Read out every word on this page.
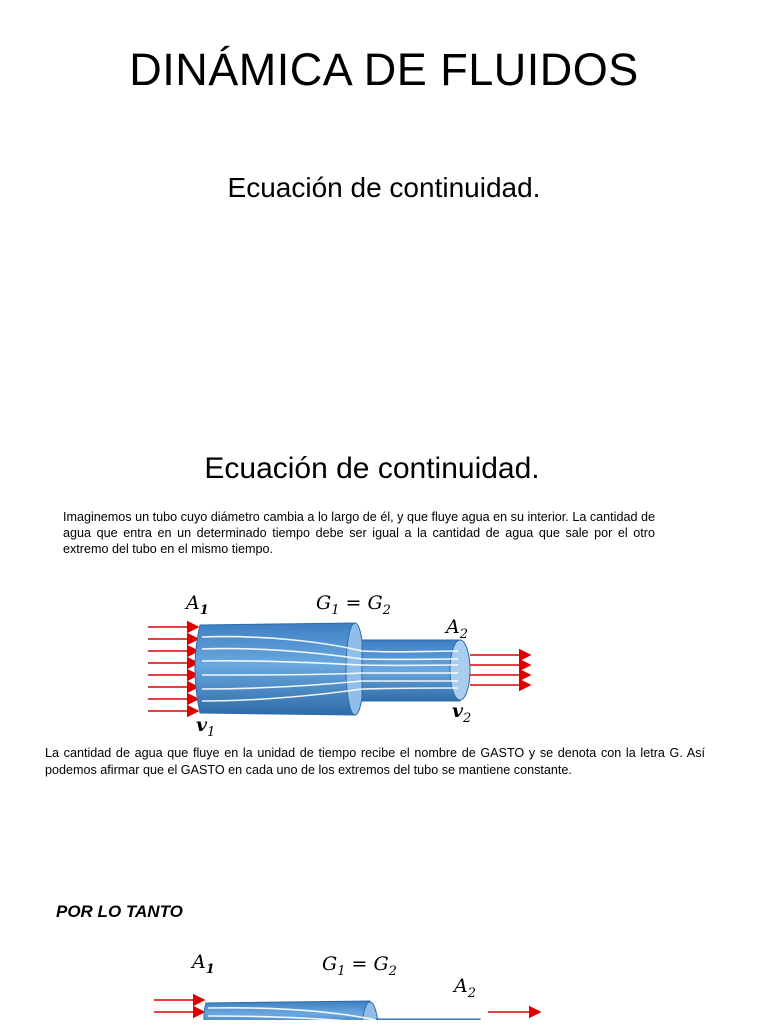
DINÁMICA DE FLUIDOS
Ecuación de continuidad.
Ecuación de continuidad.
Imaginemos un tubo cuyo diámetro cambia a lo largo de él, y que fluye agua en su interior. La cantidad de agua que entra en un determinado tiempo debe ser igual a la cantidad de agua que sale por el otro extremo del tubo en el mismo tiempo.
$A_1$	$G_1 = G_2$
$A_2$
$v_1$
$v_2$
La cantidad de agua que fluye en la unidad de tiempo recibe el nombre de GASTO y se denota con la letra G. Así podemos afirmar que el GASTO en cada uno de los extremos del tubo se mantiene constante.
POR LO TANTO
$A_1$	$G_1 = G_2$
$A_2$
